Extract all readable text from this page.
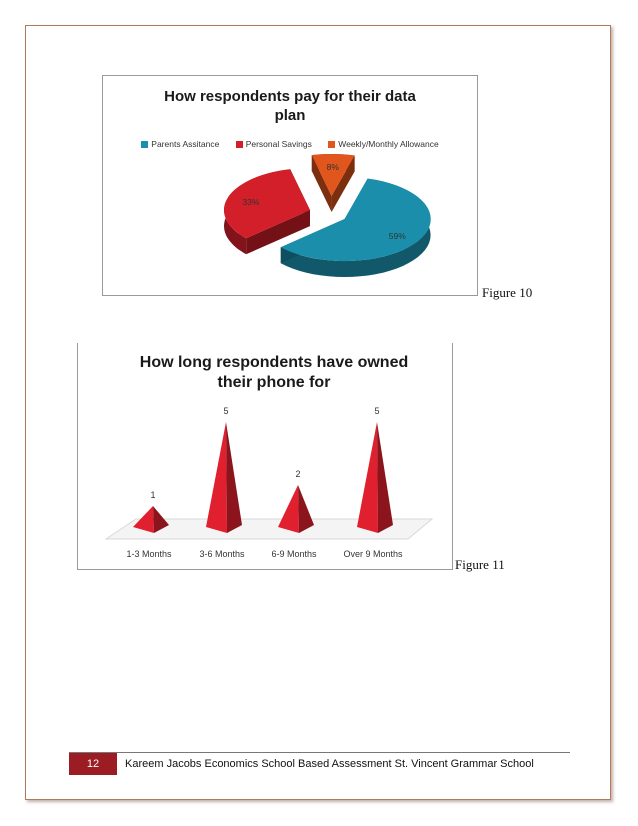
How respondents pay for their data
plan
Parents Assitance	Personal Savings	Weekly/Monthly Allowance
59%
33%
8%
Figure 10
How long respondents have owned
their phone for
1
1-3 Months
5
3-6 Months
2
6-9 Months
5
Over 9 Months
Figure 11
12	Kareem Jacobs Economics School Based Assessment St. Vincent Grammar School
